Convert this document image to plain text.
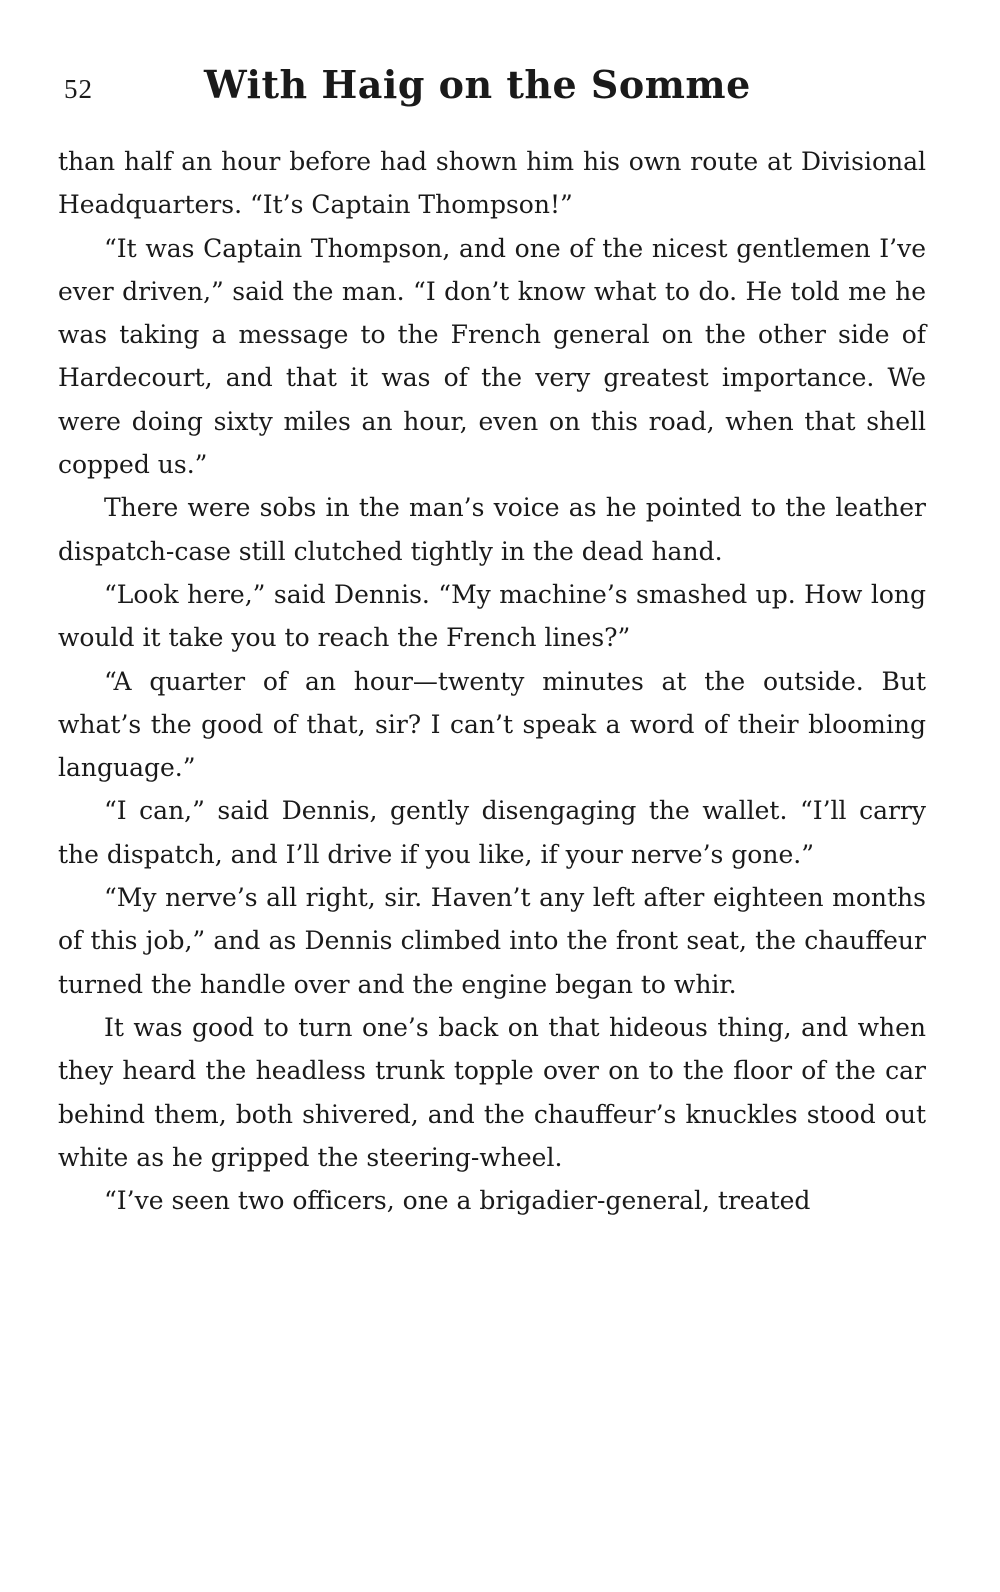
52	With Haig on the Somme

than half an hour before had shown him his own route at Divisional Headquarters. “It’s Captain Thompson!”

“It was Captain Thompson, and one of the nicest gentlemen I’ve ever driven,” said the man. “I don’t know what to do. He told me he was taking a message to the French general on the other side of Hardecourt, and that it was of the very greatest importance. We were doing sixty miles an hour, even on this road, when that shell copped us.”

There were sobs in the man’s voice as he pointed to the leather dispatch-case still clutched tightly in the dead hand.

“Look here,” said Dennis. “My machine’s smashed up. How long would it take you to reach the French lines?”

“A quarter of an hour—twenty minutes at the outside. But what’s the good of that, sir? I can’t speak a word of their blooming language.”

“I can,” said Dennis, gently disengaging the wallet. “I’ll carry the dispatch, and I’ll drive if you like, if your nerve’s gone.”

“My nerve’s all right, sir. Haven’t any left after eighteen months of this job,” and as Dennis climbed into the front seat, the chauffeur turned the handle over and the engine began to whir.

It was good to turn one’s back on that hideous thing, and when they heard the headless trunk topple over on to the floor of the car behind them, both shivered, and the chauffeur’s knuckles stood out white as he gripped the steering-wheel.

“I’ve seen two officers, one a brigadier-general, treated
